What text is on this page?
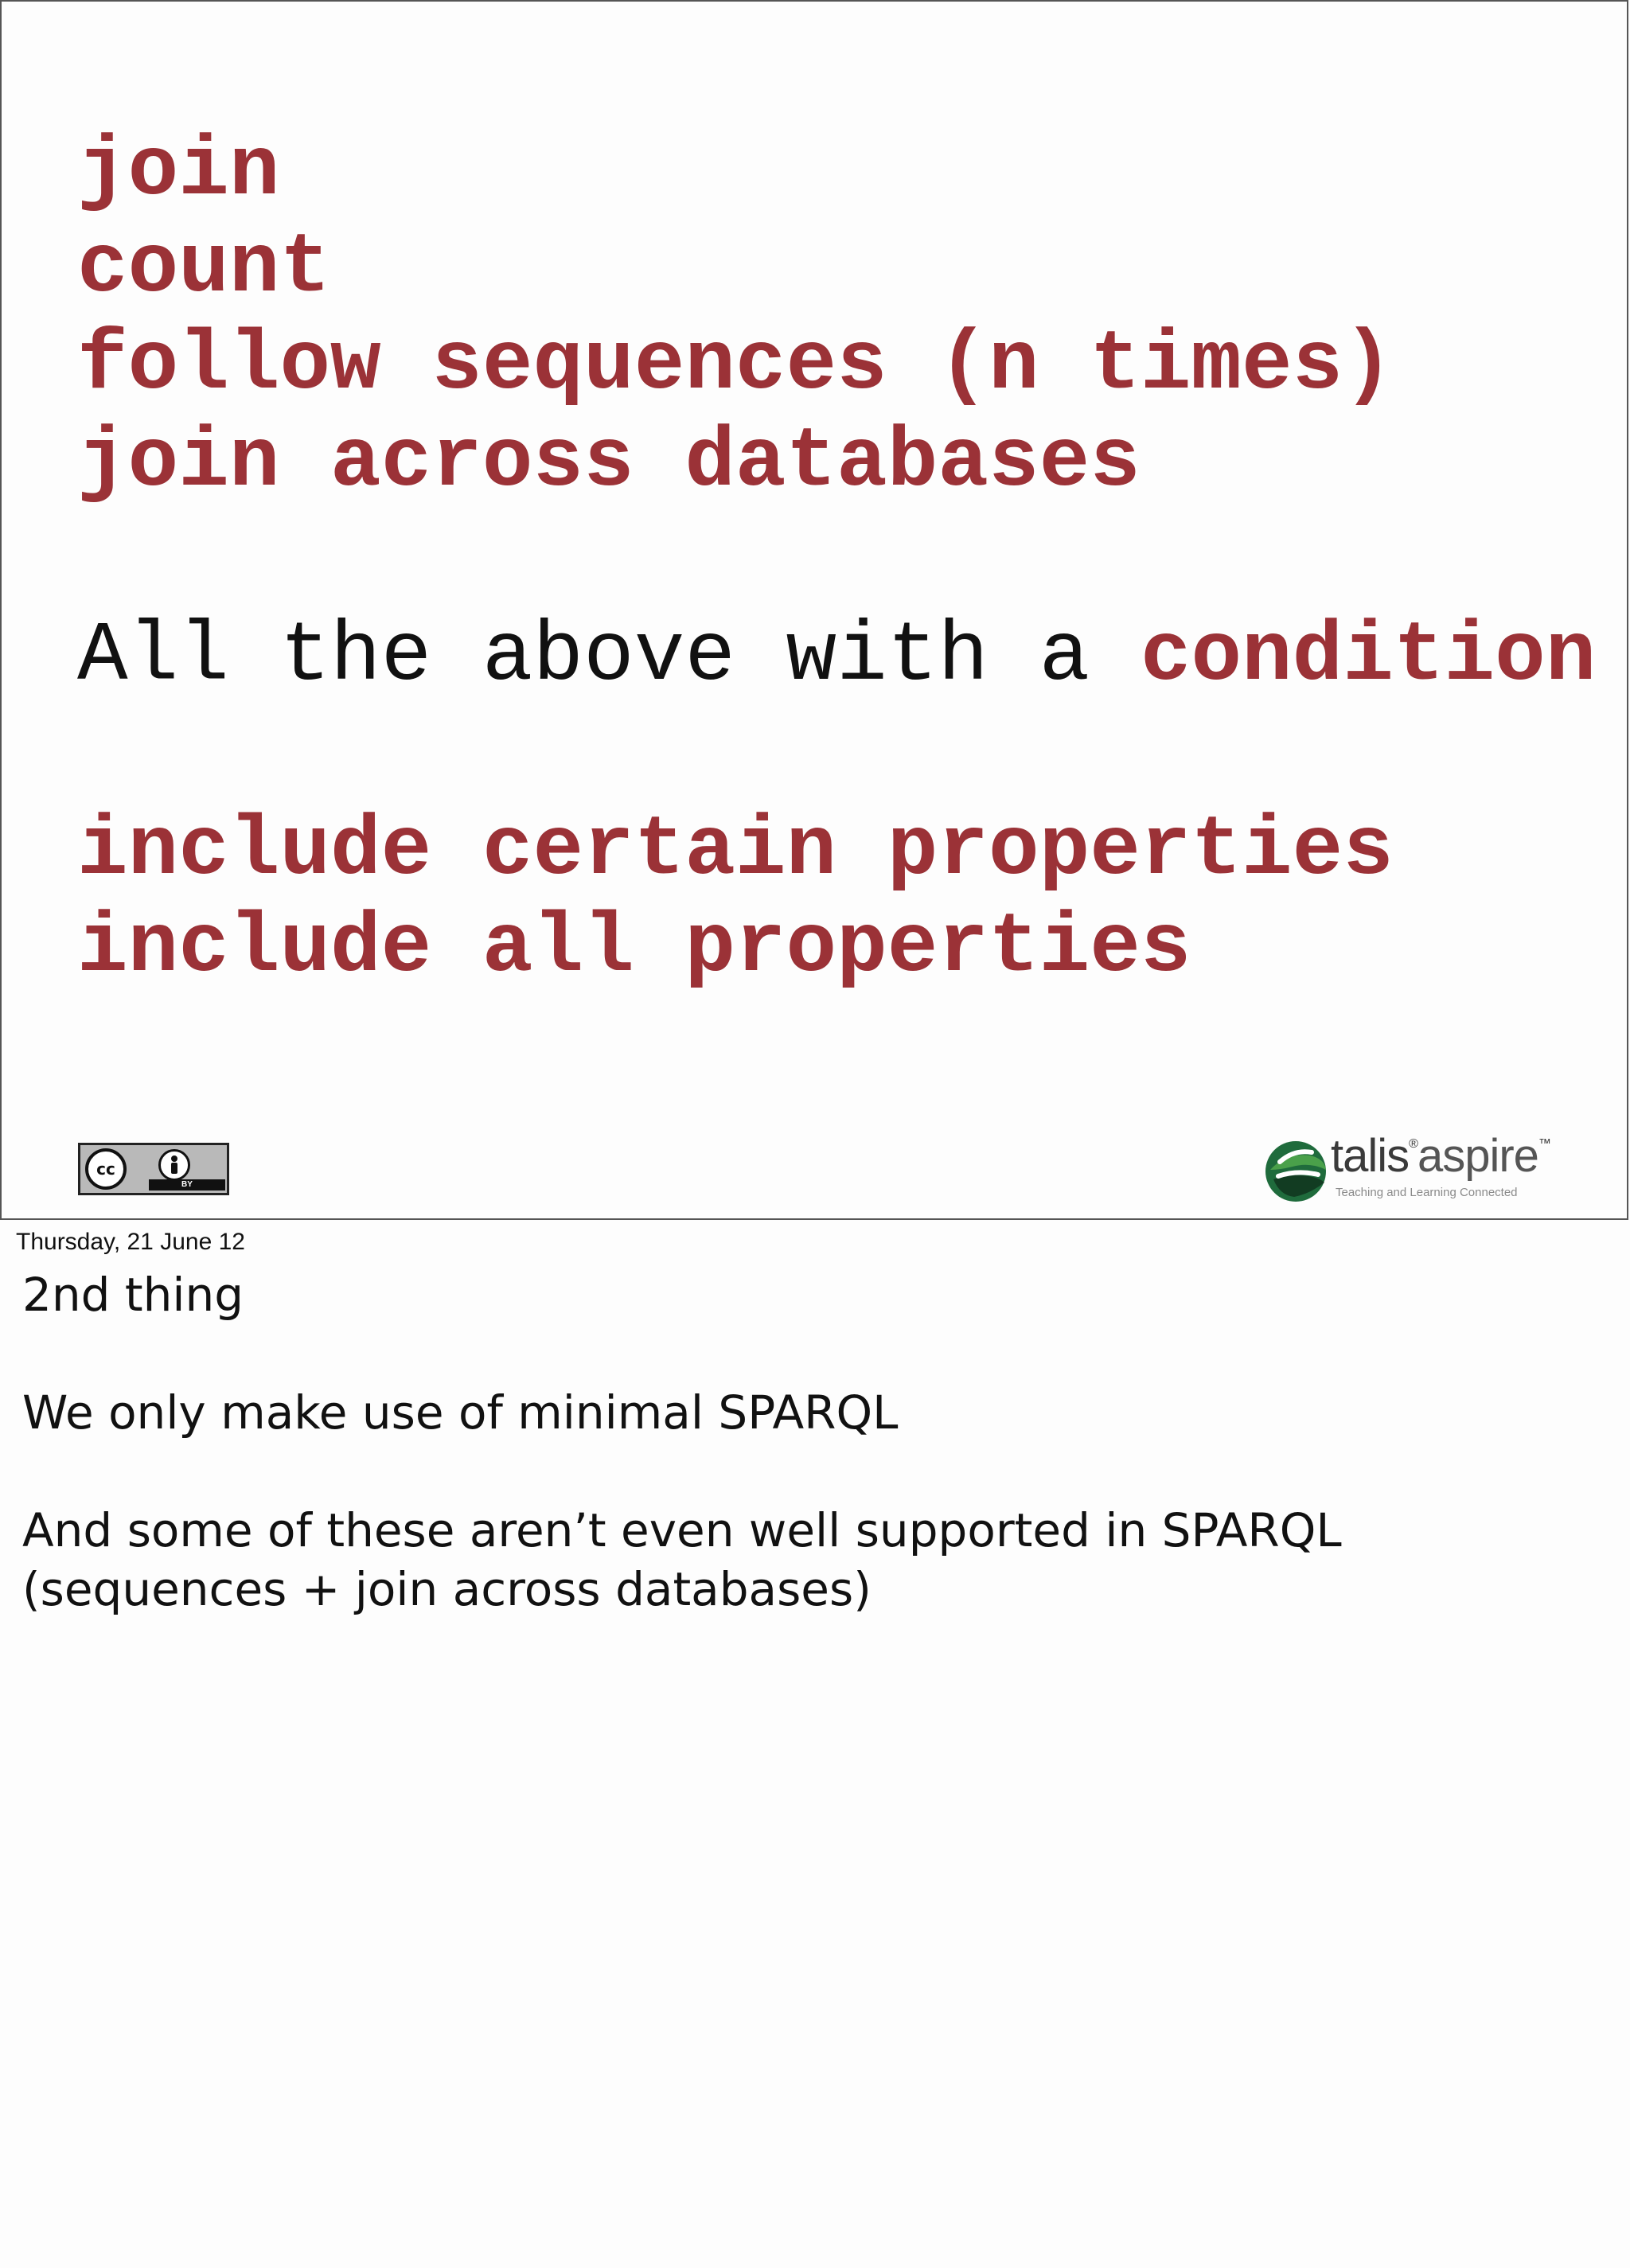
join

count

follow sequences (n times)

join across databases

All the above with a condition

include certain properties

include all properties

cc
BY
talis®aspire™
Teaching and Learning Connected
Thursday, 21 June 12

2nd thing

We only make use of minimal SPARQL

And some of these aren’t even well supported in SPARQL

(sequences + join across databases)
